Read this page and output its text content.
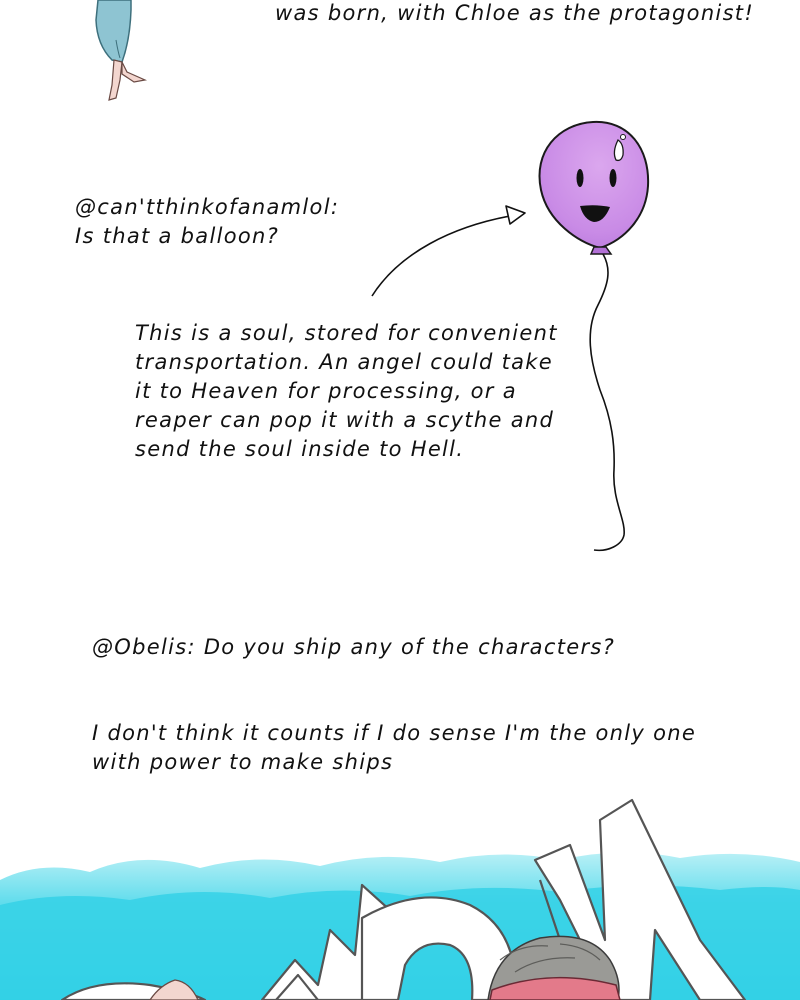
was born, with Chloe as the protagonist!
@can'tthinkofanamlol:
Is that a balloon?
This is a soul, stored for convenient
transportation. An angel could take
it to Heaven for processing, or a
reaper can pop it with a scythe and
send the soul inside to Hell.
@Obelis: Do you ship any of the characters?
I don't think it counts if I do sense I'm the only one
with power to make ships
